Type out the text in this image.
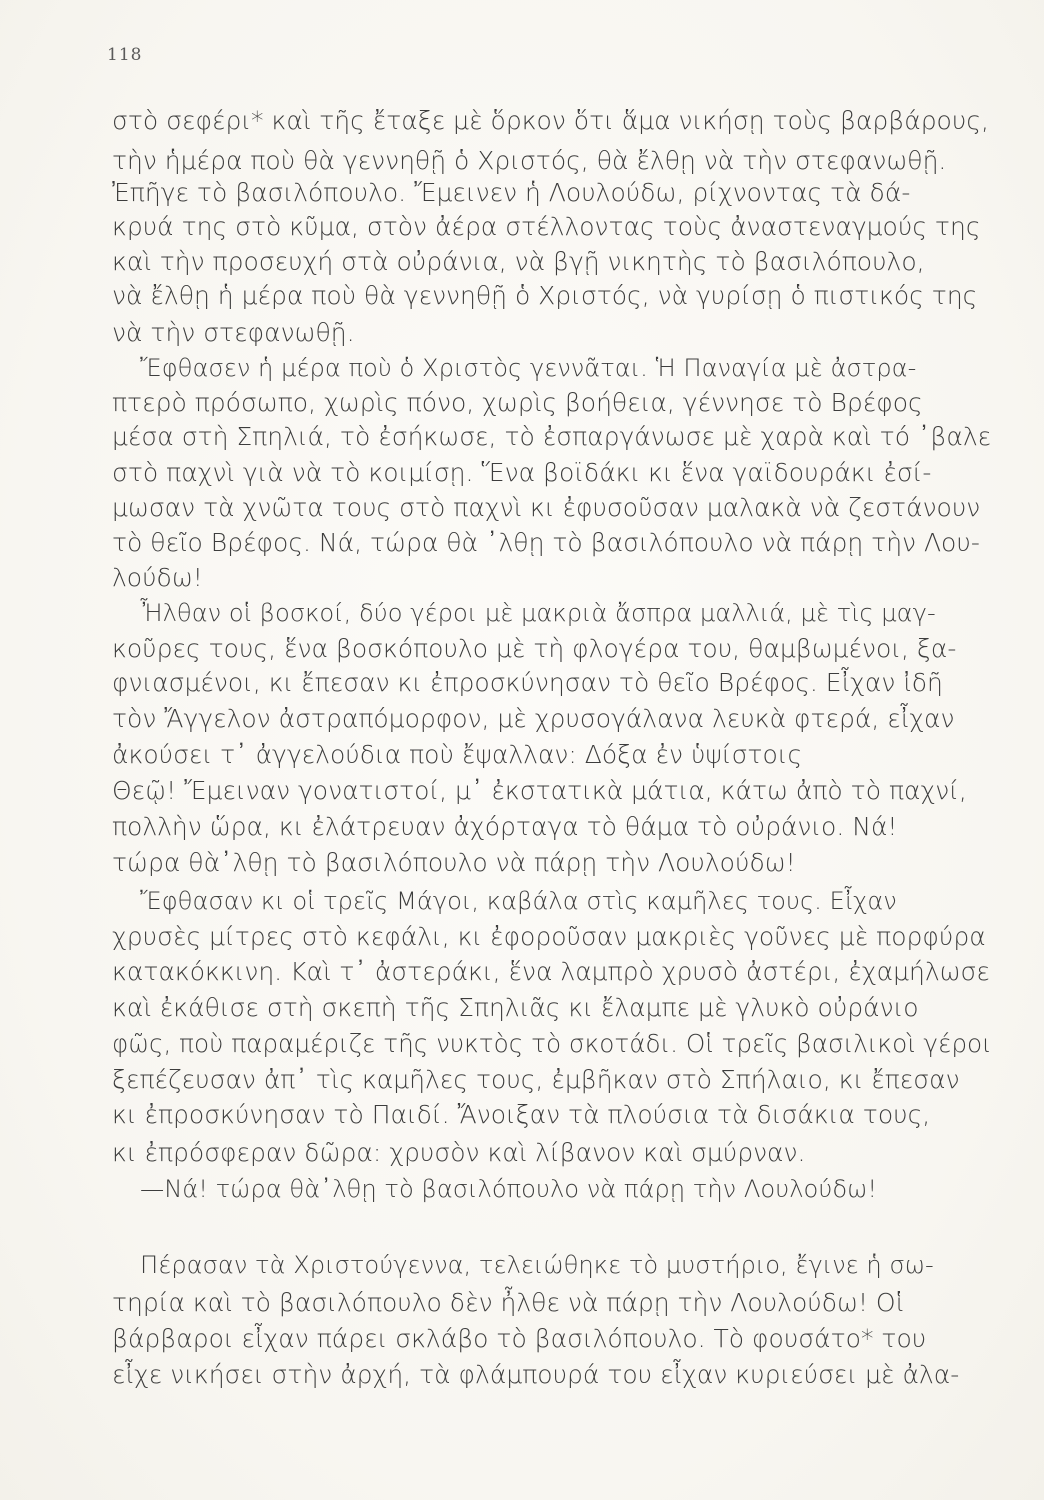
118
στὸ σεφέρι* καὶ τῆς ἔταξε μὲ ὅρκον ὅτι ἅμα νικήσῃ τοὺς βαρβάρους,
τὴν ἡμέρα ποὺ θὰ γεννηθῇ ὁ Χριστός, θὰ ἔλθῃ νὰ τὴν στεφανωθῇ.
Ἐπῆγε τὸ βασιλόπουλο. Ἔμεινεν ἡ Λουλούδω, ρίχνοντας τὰ δά-
κρυά της στὸ κῦμα, στὸν ἀέρα στέλλοντας τοὺς ἀναστεναγμούς της
καὶ τὴν προσευχή στὰ οὐράνια, νὰ βγῇ νικητὴς τὸ βασιλόπουλο,
νὰ ἔλθῃ ἡ μέρα ποὺ θὰ γεννηθῇ ὁ Χριστός, νὰ γυρίσῃ ὁ πιστικός της
νὰ τὴν στεφανωθῇ.
Ἔφθασεν ἡ μέρα ποὺ ὁ Χριστὸς γεννᾶται. Ἡ Παναγία μὲ ἀστρα-
πτερὸ πρόσωπο, χωρὶς πόνο, χωρὶς βοήθεια, γέννησε τὸ Βρέφος
μέσα στὴ Σπηλιά, τὸ ἐσήκωσε, τὸ ἐσπαργάνωσε μὲ χαρὰ καὶ τό ᾿βαλε
στὸ παχνὶ γιὰ νὰ τὸ κοιμίσῃ. Ἕνα βοϊδάκι κι ἕνα γαϊδουράκι ἐσί-
μωσαν τὰ χνῶτα τους στὸ παχνὶ κι ἐφυσοῦσαν μαλακὰ νὰ ζεστάνουν
τὸ θεῖο Βρέφος. Νά, τώρα θὰ ᾿λθῃ τὸ βασιλόπουλο νὰ πάρῃ τὴν Λου-
λούδω!
Ἦλθαν οἱ βοσκοί, δύο γέροι μὲ μακριὰ ἄσπρα μαλλιά, μὲ τὶς μαγ-
κοῦρες τους, ἕνα βοσκόπουλο μὲ τὴ φλογέρα του, θαμβωμένοι, ξα-
φνιασμένοι, κι ἔπεσαν κι ἐπροσκύνησαν τὸ θεῖο Βρέφος. Εἶχαν ἰδῆ
τὸν Ἄγγελον ἀστραπόμορφον, μὲ χρυσογάλανα λευκὰ φτερά, εἶχαν
ἀκούσει τ᾿ ἀγγελούδια ποὺ ἔψαλλαν: Δόξα ἐν ὑψίστοις
Θεῷ! Ἔμειναν γονατιστοί, μ᾿ ἐκστατικὰ μάτια, κάτω ἀπὸ τὸ παχνί,
πολλὴν ὥρα, κι ἐλάτρευαν ἀχόρταγα τὸ θάμα τὸ οὐράνιο. Νά!
τώρα θὰ᾿λθῃ τὸ βασιλόπουλο νὰ πάρῃ τὴν Λουλούδω!
Ἔφθασαν κι οἱ τρεῖς Μάγοι, καβάλα στὶς καμῆλες τους. Εἶχαν
χρυσὲς μίτρες στὸ κεφάλι, κι ἐφοροῦσαν μακριὲς γοῦνες μὲ πορφύρα
κατακόκκινη. Καὶ τ᾿ ἀστεράκι, ἕνα λαμπρὸ χρυσὸ ἀστέρι, ἐχαμήλωσε
καὶ ἐκάθισε στὴ σκεπὴ τῆς Σπηλιᾶς κι ἔλαμπε μὲ γλυκὸ οὐράνιο
φῶς, ποὺ παραμέριζε τῆς νυκτὸς τὸ σκοτάδι. Οἱ τρεῖς βασιλικοὶ γέροι
ξεπέζευσαν ἀπ᾿ τὶς καμῆλες τους, ἐμβῆκαν στὸ Σπήλαιο, κι ἔπεσαν
κι ἐπροσκύνησαν τὸ Παιδί. Ἄνοιξαν τὰ πλούσια τὰ δισάκια τους,
κι ἐπρόσφεραν δῶρα: χρυσὸν καὶ λίβανον καὶ σμύρναν.
—Νά! τώρα θὰ᾿λθῃ τὸ βασιλόπουλο νὰ πάρῃ τὴν Λουλούδω!
Πέρασαν τὰ Χριστούγεννα, τελειώθηκε τὸ μυστήριο, ἔγινε ἡ σω-
τηρία καὶ τὸ βασιλόπουλο δὲν ἦλθε νὰ πάρῃ τὴν Λουλούδω! Οἱ
βάρβαροι εἶχαν πάρει σκλάβο τὸ βασιλόπουλο. Τὸ φουσάτο* του
εἶχε νικήσει στὴν ἀρχή, τὰ φλάμπουρά του εἶχαν κυριεύσει μὲ ἀλα-
